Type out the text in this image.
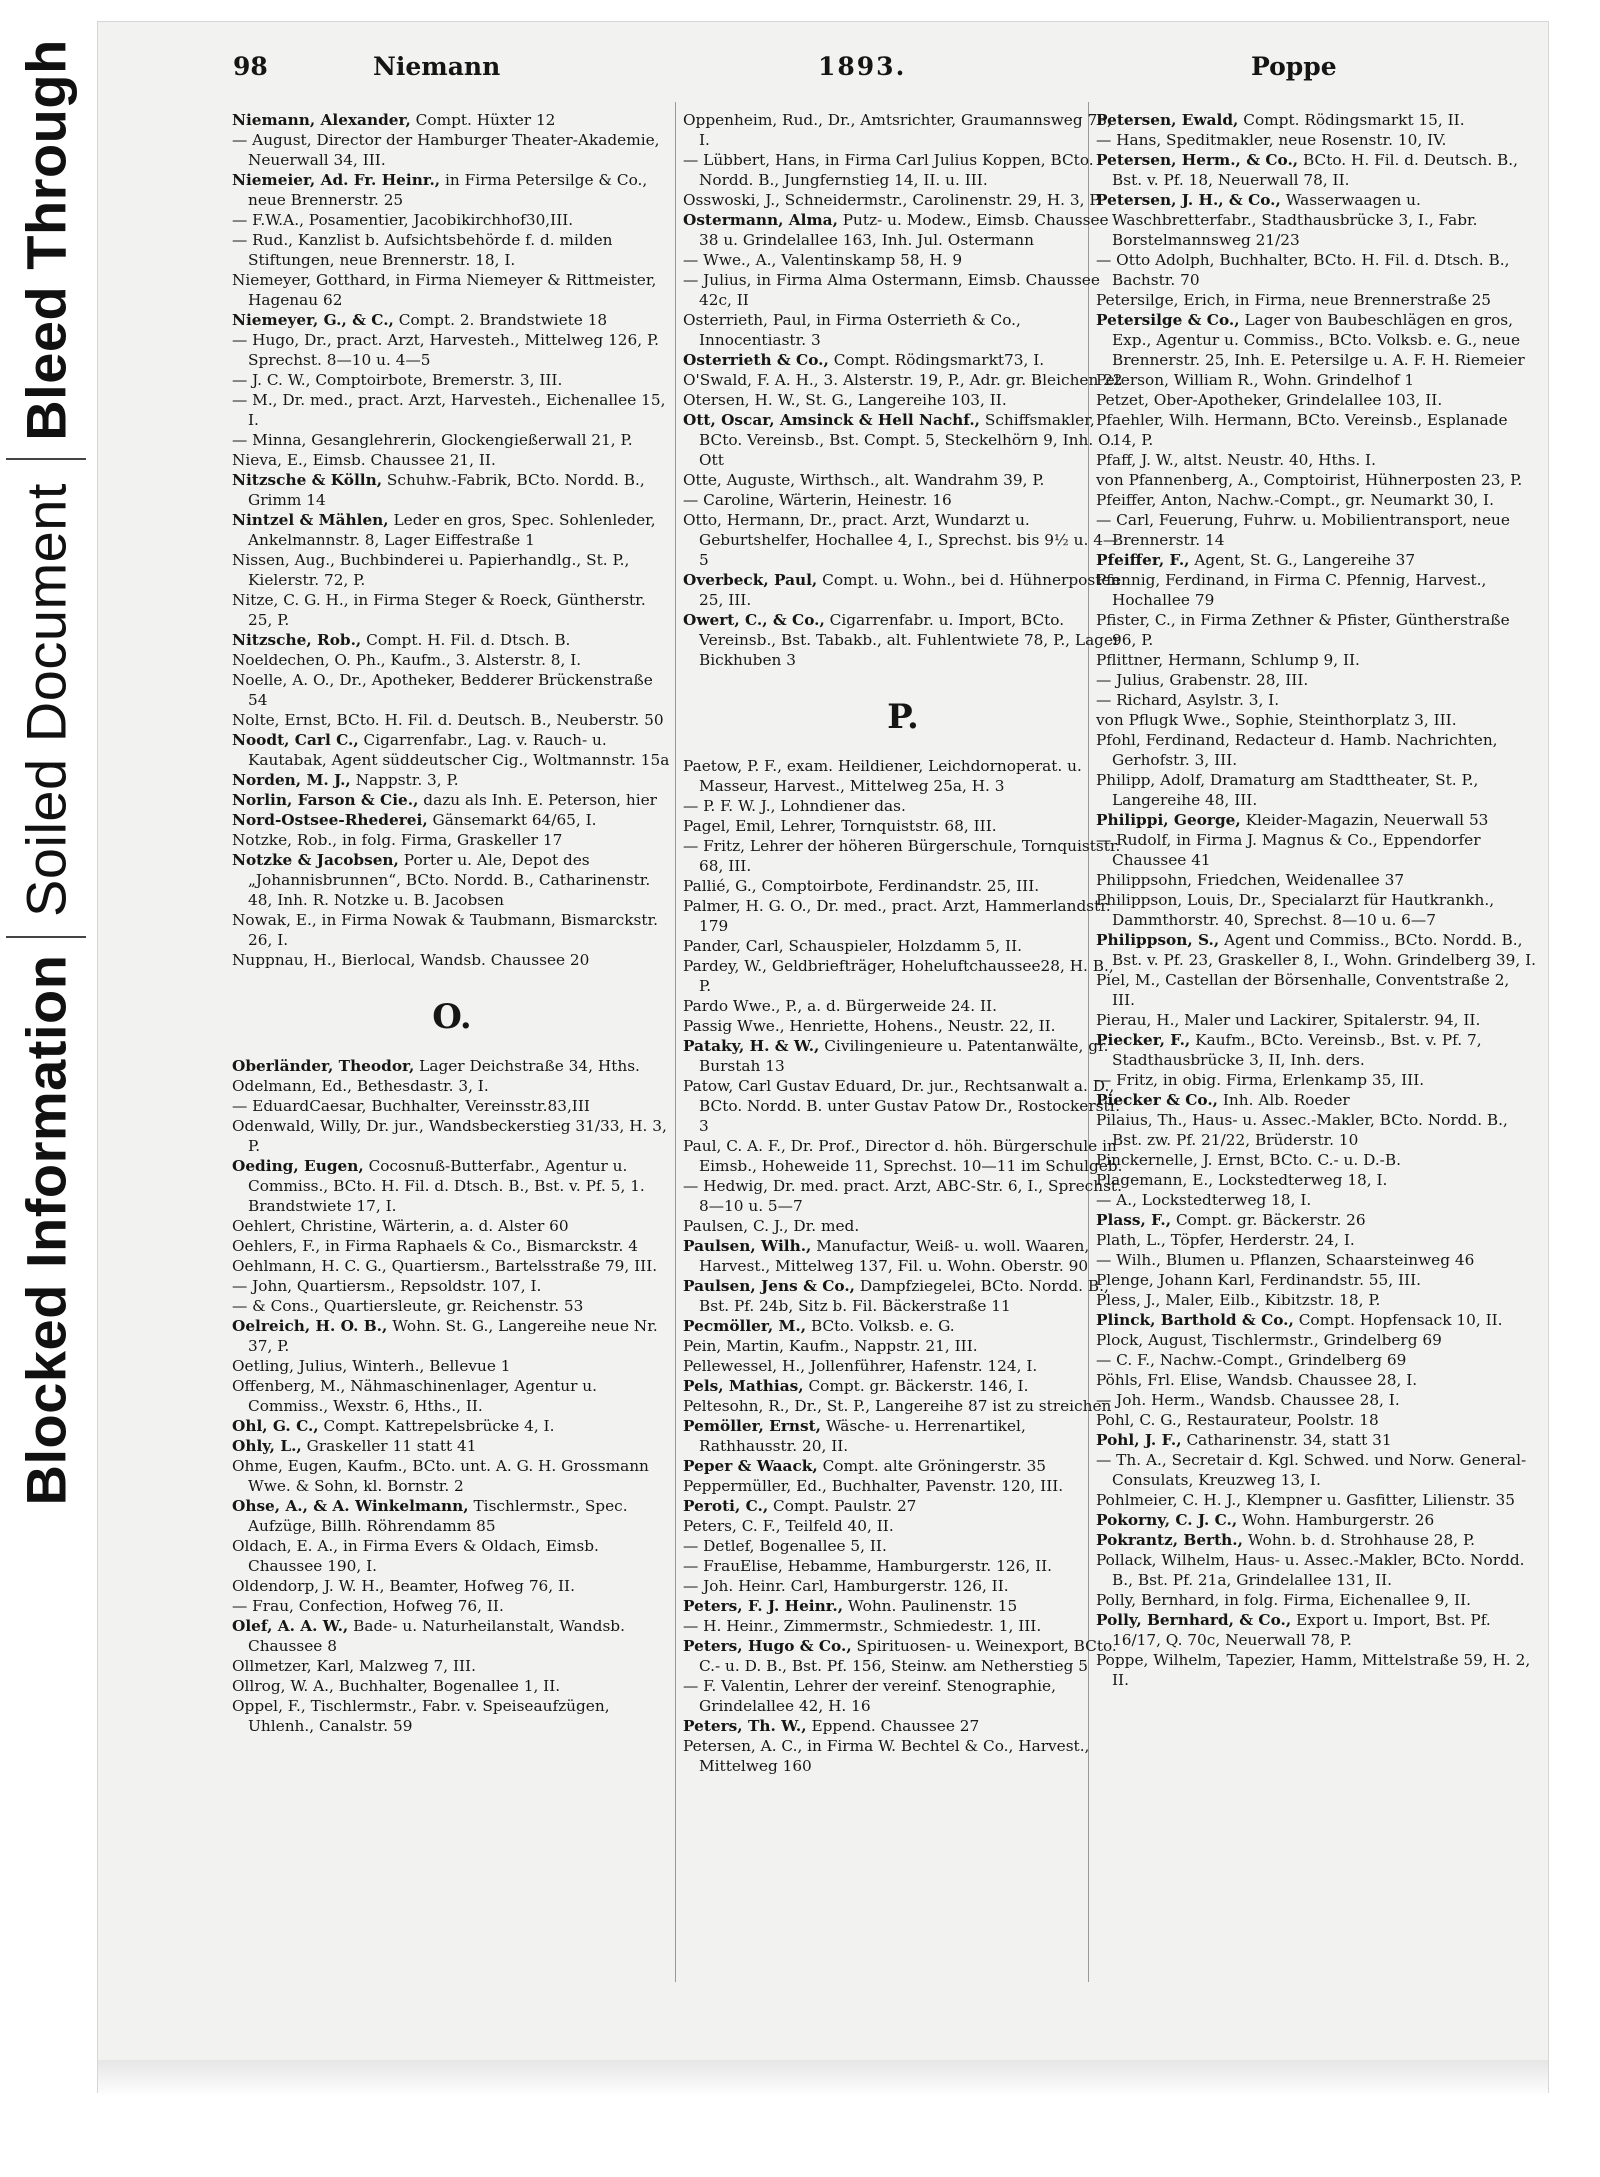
Bleed Through
Soiled Document
Blocked Information
98	Niemann	1893.	Poppe

Niemann, Alexander, Compt. Hüxter 12

— August, Director der Hamburger Theater-Akademie, Neuerwall 34, III.

Niemeier, Ad. Fr. Heinr., in Firma Petersilge & Co., neue Brennerstr. 25

— F.W.A., Posamentier, Jacobikirchhof30,III.

— Rud., Kanzlist b. Aufsichtsbehörde f. d. milden Stiftungen, neue Brennerstr. 18, I.

Niemeyer, Gotthard, in Firma Niemeyer & Rittmeister, Hagenau 62

Niemeyer, G., & C., Compt. 2. Brandstwiete 18

— Hugo, Dr., pract. Arzt, Harvestеh., Mittelweg 126, P. Sprechst. 8—10 u. 4—5

— J. C. W., Comptoirbote, Bremerstr. 3, III.

— M., Dr. med., pract. Arzt, Harvesteh., Eichenallee 15, I.

— Minna, Gesanglehrerin, Glockengießerwall 21, P.

Nieva, E., Eimsb. Chaussee 21, II.

Nitzsche & Kölln, Schuhw.-Fabrik, BCto. Nordd. B., Grimm 14

Nintzel & Mählen, Leder en gros, Spec. Sohlenleder, Ankelmannstr. 8, Lager Eiffestraße 1

Nissen, Aug., Buchbinderei u. Papierhandlg., St. P., Kielerstr. 72, P.

Nitze, C. G. H., in Firma Steger & Roeck, Güntherstr. 25, P.

Nitzsche, Rob., Compt. H. Fil. d. Dtsch. B.

Noeldechen, O. Ph., Kaufm., 3. Alsterstr. 8, I.

Noelle, A. O., Dr., Apotheker, Bedderer Brückenstraße 54

Nolte, Ernst, BCto. H. Fil. d. Deutsch. B., Neuberstr. 50

Noodt, Carl C., Cigarrenfabr., Lag. v. Rauch- u. Kautabak, Agent süddeutscher Cig., Woltmannstr. 15a

Norden, M. J., Nappstr. 3, P.

Norlin, Farson & Cie., dazu als Inh. E. Peterson, hier

Nord-Ostsee-Rhederei, Gänsemarkt 64/65, I.

Notzke, Rob., in folg. Firma, Graskeller 17

Notzke & Jacobsen, Porter u. Ale, Depot des „Johannisbrunnen“, BCto. Nordd. B., Catharinenstr. 48, Inh. R. Notzke u. B. Jacobsen

Nowak, E., in Firma Nowak & Taubmann, Bismarckstr. 26, I.

Nuppnau, H., Bierlocal, Wandsb. Chaussee 20

O.

Oberländer, Theodor, Lager Deichstraße 34, Hths.

Odelmann, Ed., Bethesdastr. 3, I.

— EduardCaesar, Buchhalter, Vereinsstr.83,III

Odenwald, Willy, Dr. jur., Wandsbeckerstieg 31/33, H. 3, P.

Oeding, Eugen, Cocosnuß-Butterfabr., Agentur u. Commiss., BCto. H. Fil. d. Dtsch. B., Bst. v. Pf. 5, 1. Brandstwiete 17, I.

Oehlert, Christine, Wärterin, a. d. Alster 60

Oehlers, F., in Firma Raphaels & Co., Bismarckstr. 4

Oehlmann, H. C. G., Quartiersm., Bartelsstraße 79, III.

— John, Quartiersm., Repsoldstr. 107, I.

— & Cons., Quartiersleute, gr. Reichenstr. 53

Oelreich, H. O. B., Wohn. St. G., Langereihe neue Nr. 37, P.

Oetling, Julius, Winterh., Bellevue 1

Offenberg, M., Nähmaschinenlager, Agentur u. Commiss., Wexstr. 6, Hths., II.

Ohl, G. C., Compt. Kattrepelsbrücke 4, I.

Ohly, L., Graskeller 11 statt 41

Ohme, Eugen, Kaufm., BCto. unt. A. G. H. Grossmann Wwe. & Sohn, kl. Bornstr. 2

Ohse, A., & A. Winkelmann, Tischlermstr., Spec. Aufzüge, Billh. Röhrendamm 85

Oldach, E. A., in Firma Evers & Oldach, Eimsb. Chaussee 190, I.

Oldendorp, J. W. H., Beamter, Hofweg 76, II.

— Frau, Confection, Hofweg 76, II.

Olef, A. A. W., Bade- u. Naturheilanstalt, Wandsb. Chaussee 8

Ollmetzer, Karl, Malzweg 7, III.

Ollrog, W. A., Buchhalter, Bogenallee 1, II.

Oppel, F., Tischlermstr., Fabr. v. Speiseaufzügen, Uhlenh., Canalstr. 59

Oppenheim, Rud., Dr., Amtsrichter, Graumannsweg 73, I.

— Lübbert, Hans, in Firma Carl Julius Koppen, BCto. Nordd. B., Jungfernstieg 14, II. u. III.

Osswoski, J., Schneidermstr., Carolinenstr. 29, H. 3, P.

Ostermann, Alma, Putz- u. Modew., Eimsb. Chaussee 38 u. Grindelallee 163, Inh. Jul. Ostermann

— Wwe., A., Valentinskamp 58, H. 9

— Julius, in Firma Alma Ostermann, Eimsb. Chaussee 42c, II

Osterrieth, Paul, in Firma Osterrieth & Co., Innocentiastr. 3

Osterrieth & Co., Compt. Rödingsmarkt73, I.

O'Swald, F. A. H., 3. Alsterstr. 19, P., Adr. gr. Bleichen 22

Otersen, H. W., St. G., Langereihe 103, II.

Ott, Oscar, Amsinck & Hell Nachf., Schiffsmakler, BCto. Vereinsb., Bst. Compt. 5, Steckelhörn 9, Inh. O. Ott

Otte, Auguste, Wirthsch., alt. Wandrahm 39, P.

— Caroline, Wärterin, Heinestr. 16

Otto, Hermann, Dr., pract. Arzt, Wundarzt u. Geburtshelfer, Hochallee 4, I., Sprechst. bis 9½ u. 4—5

Overbeck, Paul, Compt. u. Wohn., bei d. Hühnerposten 25, III.

Owert, C., & Co., Cigarrenfabr. u. Import, BCto. Vereinsb., Bst. Tabakb., alt. Fuhlentwiete 78, P., Lager Bickhuben 3

P.

Paetow, P. F., exam. Heildiener, Leichdornoperat. u. Masseur, Harvest., Mittelweg 25a, H. 3

— P. F. W. J., Lohndiener das.

Pagel, Emil, Lehrer, Tornquiststr. 68, III.

— Fritz, Lehrer der höheren Bürgerschule, Tornquiststr. 68, III.

Pallié, G., Comptoirbote, Ferdinandstr. 25, III.

Palmer, H. G. O., Dr. med., pract. Arzt, Hammerlandstr. 179

Pander, Carl, Schauspieler, Holzdamm 5, II.

Pardey, W., Geldbriefträger, Hoheluftchaussee28, H. B., P.

Pardo Wwe., P., a. d. Bürgerweide 24. II.

Passig Wwe., Henriette, Hohens., Neustr. 22, II.

Pataky, H. & W., Civilingenieure u. Patentanwälte, gr. Burstah 13

Patow, Carl Gustav Eduard, Dr. jur., Rechtsanwalt a. D., BCto. Nordd. B. unter Gustav Patow Dr., Rostockerstr. 3

Paul, C. A. F., Dr. Prof., Director d. höh. Bürgerschule in Eimsb., Hoheweide 11, Sprechst. 10—11 im Schulgeb.

— Hedwig, Dr. med. pract. Arzt, ABC-Str. 6, I., Sprechst. 8—10 u. 5—7

Paulsen, C. J., Dr. med.

Paulsen, Wilh., Manufactur, Weiß- u. woll. Waaren, Harvest., Mittelweg 137, Fil. u. Wohn. Oberstr. 90

Paulsen, Jens & Co., Dampfziegelei, BCto. Nordd. B., Bst. Pf. 24b, Sitz b. Fil. Bäckerstraße 11

Pecmöller, M., BCto. Volksb. e. G.

Pein, Martin, Kaufm., Nappstr. 21, III.

Pellewessel, H., Jollenführer, Hafenstr. 124, I.

Pels, Mathias, Compt. gr. Bäckerstr. 146, I.

Peltesohn, R., Dr., St. P., Langereihe 87 ist zu streichen

Pemöller, Ernst, Wäsche- u. Herrenartikel, Rathhausstr. 20, II.

Peper & Waack, Compt. alte Gröningerstr. 35

Peppermüller, Ed., Buchhalter, Pavenstr. 120, III.

Peroti, C., Compt. Paulstr. 27

Peters, C. F., Teilfeld 40, II.

— Detlef, Bogenallee 5, II.

— FrauElise, Hebamme, Hamburgerstr. 126, II.

— Joh. Heinr. Carl, Hamburgerstr. 126, II.

Peters, F. J. Heinr., Wohn. Paulinenstr. 15

— H. Heinr., Zimmermstr., Schmiedestr. 1, III.

Peters, Hugo & Co., Spirituosen- u. Weinexport, BCto. C.- u. D. B., Bst. Pf. 156, Steinw. am Netherstieg 5

— F. Valentin, Lehrer der vereinf. Stenographie, Grindelallee 42, H. 16

Peters, Th. W., Eppend. Chaussee 27

Petersen, A. C., in Firma W. Bechtel & Co., Harvest., Mittelweg 160

Petersen, Ewald, Compt. Rödingsmarkt 15, II.

— Hans, Speditmakler, neue Rosenstr. 10, IV.

Petersen, Herm., & Co., BCto. H. Fil. d. Deutsch. B., Bst. v. Pf. 18, Neuerwall 78, II.

Petersen, J. H., & Co., Wasserwaagen u. Waschbretterfabr., Stadthausbrücke 3, I., Fabr. Borstelmannsweg 21/23

— Otto Adolph, Buchhalter, BCto. H. Fil. d. Dtsch. B., Bachstr. 70

Petersilge, Erich, in Firma, neue Brennerstraße 25

Petersilge & Co., Lager von Baubeschlägen en gros, Exp., Agentur u. Commiss., BCto. Volksb. e. G., neue Brennerstr. 25, Inh. E. Petersilge u. A. F. H. Riemeier

Peterson, William R., Wohn. Grindelhof 1

Petzet, Ober-Apotheker, Grindelallee 103, II.

Pfaehler, Wilh. Hermann, BCto. Vereinsb., Esplanade 14, P.

Pfaff, J. W., altst. Neustr. 40, Hths. I.

von Pfannenberg, A., Comptoirist, Hühnerposten 23, P.

Pfeiffer, Anton, Nachw.-Compt., gr. Neumarkt 30, I.

— Carl, Feuerung, Fuhrw. u. Mobilientransport, neue Brennerstr. 14

Pfeiffer, F., Agent, St. G., Langereihe 37

Pfennig, Ferdinand, in Firma C. Pfennig, Harvest., Hochallee 79

Pfister, C., in Firma Zethner & Pfister, Güntherstraße 96, P.

Pflittner, Hermann, Schlump 9, II.

— Julius, Grabenstr. 28, III.

— Richard, Asylstr. 3, I.

von Pflugk Wwe., Sophie, Steinthorplatz 3, III.

Pfohl, Ferdinand, Redacteur d. Hamb. Nachrichten, Gerhofstr. 3, III.

Philipp, Adolf, Dramaturg am Stadttheater, St. P., Langereihe 48, III.

Philippi, George, Kleider-Magazin, Neuerwall 53

— Rudolf, in Firma J. Magnus & Co., Eppendorfer Chaussee 41

Philippsohn, Friedchen, Weidenallee 37

Philippson, Louis, Dr., Specialarzt für Hautkrankh., Dammthorstr. 40, Sprechst. 8—10 u. 6—7

Philippson, S., Agent und Commiss., BCto. Nordd. B., Bst. v. Pf. 23, Graskeller 8, I., Wohn. Grindelberg 39, I.

Piel, M., Castellan der Börsenhalle, Conventstraße 2, III.

Pierau, H., Maler und Lackirer, Spitalerstr. 94, II.

Piecker, F., Kaufm., BCto. Vereinsb., Bst. v. Pf. 7, Stadthausbrücke 3, II, Inh. ders.

— Fritz, in obig. Firma, Erlenkamp 35, III.

Piecker & Co., Inh. Alb. Roeder

Pilaius, Th., Haus- u. Assec.-Makler, BCto. Nordd. B., Bst. zw. Pf. 21/22, Brüderstr. 10

Pinckernelle, J. Ernst, BCto. C.- u. D.-B.

Plagemann, E., Lockstedterweg 18, I.

— A., Lockstedterweg 18, I.

Plass, F., Compt. gr. Bäckerstr. 26

Plath, L., Töpfer, Herderstr. 24, I.

— Wilh., Blumen u. Pflanzen, Schaarsteinweg 46

Plenge, Johann Karl, Ferdinandstr. 55, III.

Pless, J., Maler, Eilb., Kibitzstr. 18, P.

Plinck, Barthold & Co., Compt. Hopfensack 10, II.

Plock, August, Tischlermstr., Grindelberg 69

— C. F., Nachw.-Compt., Grindelberg 69

Pöhls, Frl. Elise, Wandsb. Chaussee 28, I.

— Joh. Herm., Wandsb. Chaussee 28, I.

Pohl, C. G., Restaurateur, Poolstr. 18

Pohl, J. F., Catharinenstr. 34, statt 31

— Th. A., Secretair d. Kgl. Schwed. und Norw. General-Consulats, Kreuzweg 13, I.

Pohlmeier, C. H. J., Klempner u. Gasfitter, Lilienstr. 35

Pokorny, C. J. C., Wohn. Hamburgerstr. 26

Pokrantz, Berth., Wohn. b. d. Strohhause 28, P.

Pollack, Wilhelm, Haus- u. Assec.-Makler, BCto. Nordd. B., Bst. Pf. 21a, Grindelallee 131, II.

Polly, Bernhard, in folg. Firma, Eichenallee 9, II.

Polly, Bernhard, & Co., Export u. Import, Bst. Pf. 16/17, Q. 70c, Neuerwall 78, P.

Poppe, Wilhelm, Tapezier, Hamm, Mittelstraße 59, H. 2, II.
